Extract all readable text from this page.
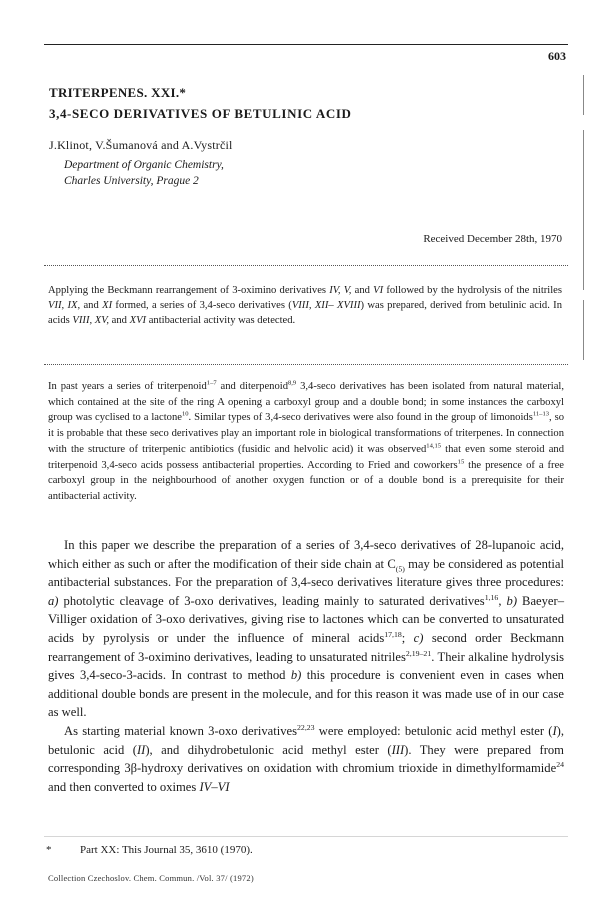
603
TRITERPENES. XXI.*
3,4-SECO DERIVATIVES OF BETULINIC ACID
J.Klinot, V.Šumanová and A.Vystrčil
Department of Organic Chemistry,
Charles University, Prague 2
Received December 28th, 1970
Applying the Beckmann rearrangement of 3-oximino derivatives IV, V, and VI followed by the hydrolysis of the nitriles VII, IX, and XI formed, a series of 3,4-seco derivatives (VIII, XII– XVIII) was prepared, derived from betulinic acid. In acids VIII, XV, and XVI antibacterial activity was detected.
In past years a series of triterpenoid$^{1-7}$ and diterpenoid$^{8,9}$ 3,4-seco derivatives has been isolated from natural material, which contained at the site of the ring A opening a carboxyl group and a double bond; in some instances the carboxyl group was cyclised to a lactone$^{10}$. Similar types of 3,4-seco derivatives were also found in the group of limonoids$^{11-13}$, so it is probable that these seco derivatives play an important role in biological transformations of triterpenes. In connection with the structure of triterpenic antibiotics (fusidic and helvolic acid) it was observed$^{14,15}$ that even some steroid and triterpenoid 3,4-seco acids possess antibacterial properties. According to Fried and coworkers$^{15}$ the presence of a free carboxyl group in the neighbourhood of another oxygen function or of a double bond is a prerequisite for their antibacterial activity.

In this paper we describe the preparation of a series of 3,4-seco derivatives of 28-lupanoic acid, which either as such or after the modification of their side chain at $C_{(5)}$ may be considered as potential antibacterial substances. For the preparation of 3,4-seco derivatives literature gives three procedures: a) photolytic cleavage of 3-oxo derivatives, leading mainly to saturated derivatives$^{1,16}$, b) Baeyer–Villiger oxidation of 3-oxo derivatives, giving rise to lactones which can be converted to unsaturated acids by pyrolysis or under the influence of mineral acids$^{17,18}$; c) second order Beckmann rearrangement of 3-oximino derivatives, leading to unsaturated nitriles$^{2,19-21}$. Their alkaline hydrolysis gives 3,4-seco-3-acids. In contrast to method b) this procedure is convenient even in cases when additional double bonds are present in the molecule, and for this reason it was made use of in our case as well.

As starting material known 3-oxo derivatives$^{22,23}$ were employed: betulonic acid methyl ester (I), betulonic acid (II), and dihydrobetulonic acid methyl ester (III). They were prepared from corresponding 3β-hydroxy derivatives on oxidation with chromium trioxide in dimethylformamide$^{24}$ and then converted to oximes IV–VI

*	Part XX: This Journal 35, 3610 (1970).
Collection Czechoslov. Chem. Commun. /Vol. 37/ (1972)
